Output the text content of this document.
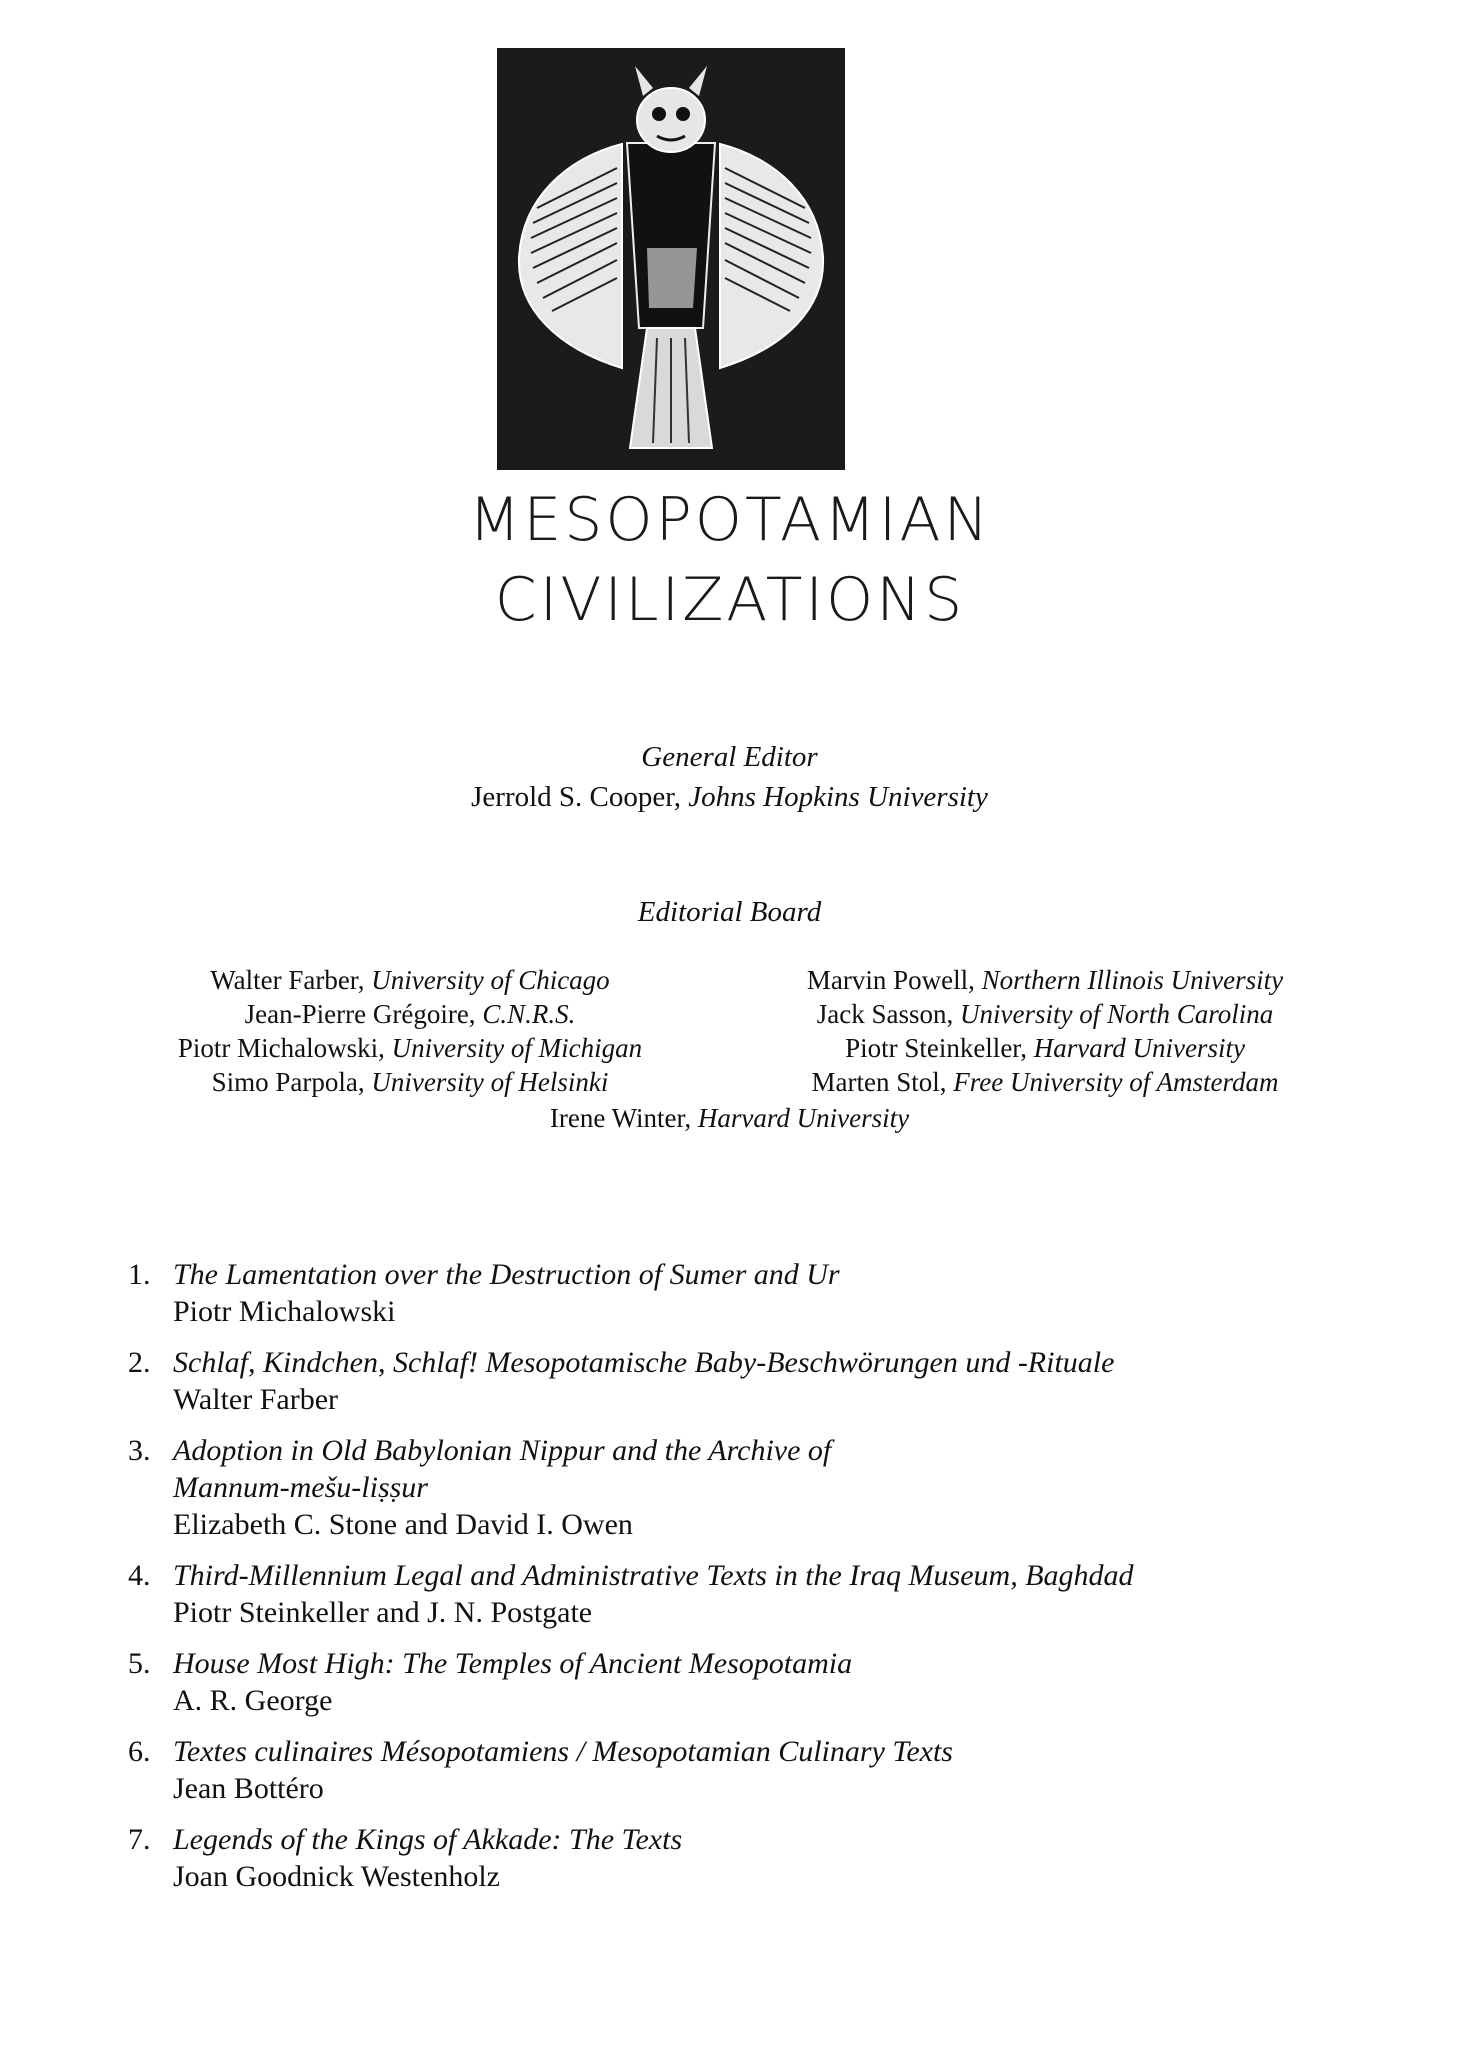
MESOPOTAMIAN
CIVILIZATIONS
General Editor
Jerrold S. Cooper, Johns Hopkins University
Editorial Board
Walter Farber, University of Chicago
Jean-Pierre Grégoire, C.N.R.S.
Piotr Michalowski, University of Michigan
Simo Parpola, University of Helsinki
Marvin Powell, Northern Illinois University
Jack Sasson, University of North Carolina
Piotr Steinkeller, Harvard University
Marten Stol, Free University of Amsterdam
Irene Winter, Harvard University
1. The Lamentation over the Destruction of Sumer and Ur
Piotr Michalowski
2. Schlaf, Kindchen, Schlaf! Mesopotamische Baby-Beschwörungen und -Rituale
Walter Farber
3. Adoption in Old Babylonian Nippur and the Archive of
Mannum-mešu-liṣṣur
Elizabeth C. Stone and David I. Owen
4. Third-Millennium Legal and Administrative Texts in the Iraq Museum, Baghdad
Piotr Steinkeller and J. N. Postgate
5. House Most High: The Temples of Ancient Mesopotamia
A. R. George
6. Textes culinaires Mésopotamiens / Mesopotamian Culinary Texts
Jean Bottéro
7. Legends of the Kings of Akkade: The Texts
Joan Goodnick Westenholz
